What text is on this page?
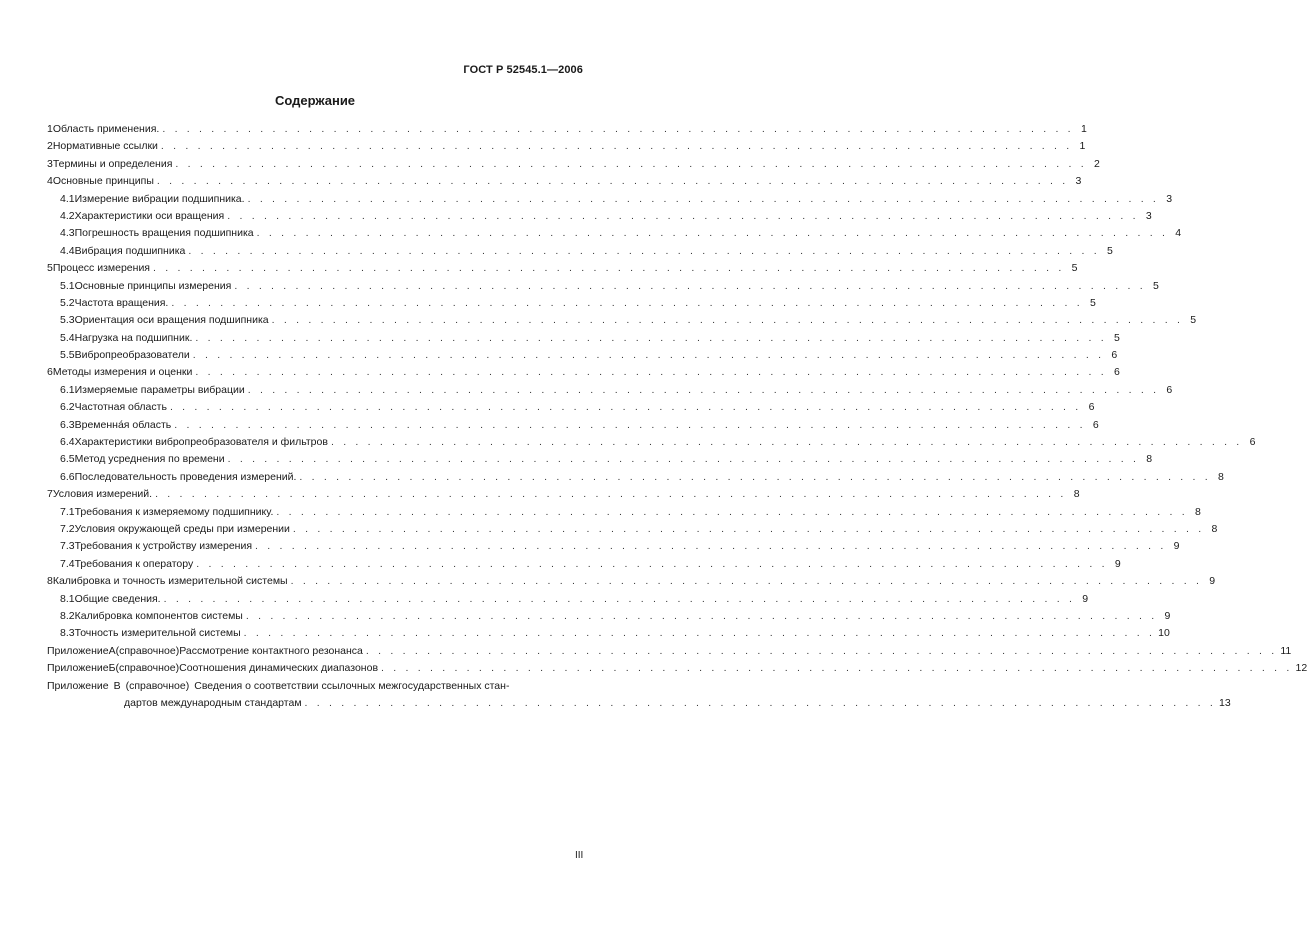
ГОСТ Р 52545.1—2006
Содержание
1 Область применения. . . . . . . . . . . . . . . . . . . . . . . . . . . . . . . . . . . . . . . . . . . . . . . . . . . . . . . . . . . . . . . . . . . . . . . . . . . . 1
2 Нормативные ссылки . . . . . . . . . . . . . . . . . . . . . . . . . . . . . . . . . . . . . . . . . . . . . . . . . . . . . . . . . . . . . . . . . . . . . . . . . . . 1
3 Термины и определения . . . . . . . . . . . . . . . . . . . . . . . . . . . . . . . . . . . . . . . . . . . . . . . . . . . . . . . . . . . . . . . . . . . . . . . . . . . 2
4 Основные принципы . . . . . . . . . . . . . . . . . . . . . . . . . . . . . . . . . . . . . . . . . . . . . . . . . . . . . . . . . . . . . . . . . . . . . . . . . . . 3
4.1 Измерение вибрации подшипника. . . . . . . . . . . . . . . . . . . . . . . . . . . . . . . . . . . . . . . . . . . . . . . . . . . . . . . . . . . . . . . . . . . . . . . . . . . . 3
4.2 Характеристики оси вращения . . . . . . . . . . . . . . . . . . . . . . . . . . . . . . . . . . . . . . . . . . . . . . . . . . . . . . . . . . . . . . . . . . . . . . . . . . . 3
4.3 Погрешность вращения подшипника . . . . . . . . . . . . . . . . . . . . . . . . . . . . . . . . . . . . . . . . . . . . . . . . . . . . . . . . . . . . . . . . . . . . . . . . . . . 4
4.4 Вибрация подшипника . . . . . . . . . . . . . . . . . . . . . . . . . . . . . . . . . . . . . . . . . . . . . . . . . . . . . . . . . . . . . . . . . . . . . . . . . . . 5
5 Процесс измерения . . . . . . . . . . . . . . . . . . . . . . . . . . . . . . . . . . . . . . . . . . . . . . . . . . . . . . . . . . . . . . . . . . . . . . . . . . . 5
5.1 Основные принципы измерения . . . . . . . . . . . . . . . . . . . . . . . . . . . . . . . . . . . . . . . . . . . . . . . . . . . . . . . . . . . . . . . . . . . . . . . . . . . 5
5.2 Частота вращения. . . . . . . . . . . . . . . . . . . . . . . . . . . . . . . . . . . . . . . . . . . . . . . . . . . . . . . . . . . . . . . . . . . . . . . . . . . . 5
5.3 Ориентация оси вращения подшипника . . . . . . . . . . . . . . . . . . . . . . . . . . . . . . . . . . . . . . . . . . . . . . . . . . . . . . . . . . . . . . . . . . . . . . . . . . . 5
5.4 Нагрузка на подшипник. . . . . . . . . . . . . . . . . . . . . . . . . . . . . . . . . . . . . . . . . . . . . . . . . . . . . . . . . . . . . . . . . . . . . . . . . . . . 5
5.5 Вибропреобразователи . . . . . . . . . . . . . . . . . . . . . . . . . . . . . . . . . . . . . . . . . . . . . . . . . . . . . . . . . . . . . . . . . . . . . . . . . . . 6
6 Методы измерения и оценки . . . . . . . . . . . . . . . . . . . . . . . . . . . . . . . . . . . . . . . . . . . . . . . . . . . . . . . . . . . . . . . . . . . . . . . . . . . 6
6.1 Измеряемые параметры вибрации . . . . . . . . . . . . . . . . . . . . . . . . . . . . . . . . . . . . . . . . . . . . . . . . . . . . . . . . . . . . . . . . . . . . . . . . . . . 6
6.2 Частотная область . . . . . . . . . . . . . . . . . . . . . . . . . . . . . . . . . . . . . . . . . . . . . . . . . . . . . . . . . . . . . . . . . . . . . . . . . . . 6
6.3 Временна́я область . . . . . . . . . . . . . . . . . . . . . . . . . . . . . . . . . . . . . . . . . . . . . . . . . . . . . . . . . . . . . . . . . . . . . . . . . . . 6
6.4 Характеристики вибропреобразователя и фильтров . . . . . . . . . . . . . . . . . . . . . . . . . . . . . . . . . . . . . . . . . . . . . . . . . . . . . . . . . . . . . . . . . . . . . . . . . . . 6
6.5 Метод усреднения по времени . . . . . . . . . . . . . . . . . . . . . . . . . . . . . . . . . . . . . . . . . . . . . . . . . . . . . . . . . . . . . . . . . . . . . . . . . . . 8
6.6 Последовательность проведения измерений. . . . . . . . . . . . . . . . . . . . . . . . . . . . . . . . . . . . . . . . . . . . . . . . . . . . . . . . . . . . . . . . . . . . . . . . . . . . 8
7 Условия измерений. . . . . . . . . . . . . . . . . . . . . . . . . . . . . . . . . . . . . . . . . . . . . . . . . . . . . . . . . . . . . . . . . . . . . . . . . . . . 8
7.1 Требования к измеряемому подшипнику. . . . . . . . . . . . . . . . . . . . . . . . . . . . . . . . . . . . . . . . . . . . . . . . . . . . . . . . . . . . . . . . . . . . . . . . . . . . 8
7.2 Условия окружающей среды при измерении . . . . . . . . . . . . . . . . . . . . . . . . . . . . . . . . . . . . . . . . . . . . . . . . . . . . . . . . . . . . . . . . . . . . . . . . . . . 8
7.3 Требования к устройству измерения . . . . . . . . . . . . . . . . . . . . . . . . . . . . . . . . . . . . . . . . . . . . . . . . . . . . . . . . . . . . . . . . . . . . . . . . . . . 9
7.4 Требования к оператору . . . . . . . . . . . . . . . . . . . . . . . . . . . . . . . . . . . . . . . . . . . . . . . . . . . . . . . . . . . . . . . . . . . . . . . . . . . 9
8 Калибровка и точность измерительной системы . . . . . . . . . . . . . . . . . . . . . . . . . . . . . . . . . . . . . . . . . . . . . . . . . . . . . . . . . . . . . . . . . . . . . . . . . . . 9
8.1 Общие сведения. . . . . . . . . . . . . . . . . . . . . . . . . . . . . . . . . . . . . . . . . . . . . . . . . . . . . . . . . . . . . . . . . . . . . . . . . . . . 9
8.2 Калибровка компонентов системы . . . . . . . . . . . . . . . . . . . . . . . . . . . . . . . . . . . . . . . . . . . . . . . . . . . . . . . . . . . . . . . . . . . . . . . . . . . 9
8.3 Точность измерительной системы . . . . . . . . . . . . . . . . . . . . . . . . . . . . . . . . . . . . . . . . . . . . . . . . . . . . . . . . . . . . . . . . . . . . . . . . . . . 10
Приложение А (справочное) Рассмотрение контактного резонанса . . . . . . . . . . . . . . . . . . . . . . . . . . . . . . . . . . . . . . . . . . . . . . . . . . . . . . . . . . . . . . . . . . . . . . . . . . . 11
Приложение Б (справочное) Соотношения динамических диапазонов . . . . . . . . . . . . . . . . . . . . . . . . . . . . . . . . . . . . . . . . . . . . . . . . . . . . . . . . . . . . . . . . . . . . . . . . . . . 12
Приложение В (справочное) Сведения о соответствии ссылочных межгосударственных стан-
дартов международным стандартам . . . . . . . . . . . . . . . . . . . . . . . . . . . . . . . . . . . . . . . . . . . . . . . . . . . . . . . . . . . . . . . . . . . . . . . . . . . 13
III
